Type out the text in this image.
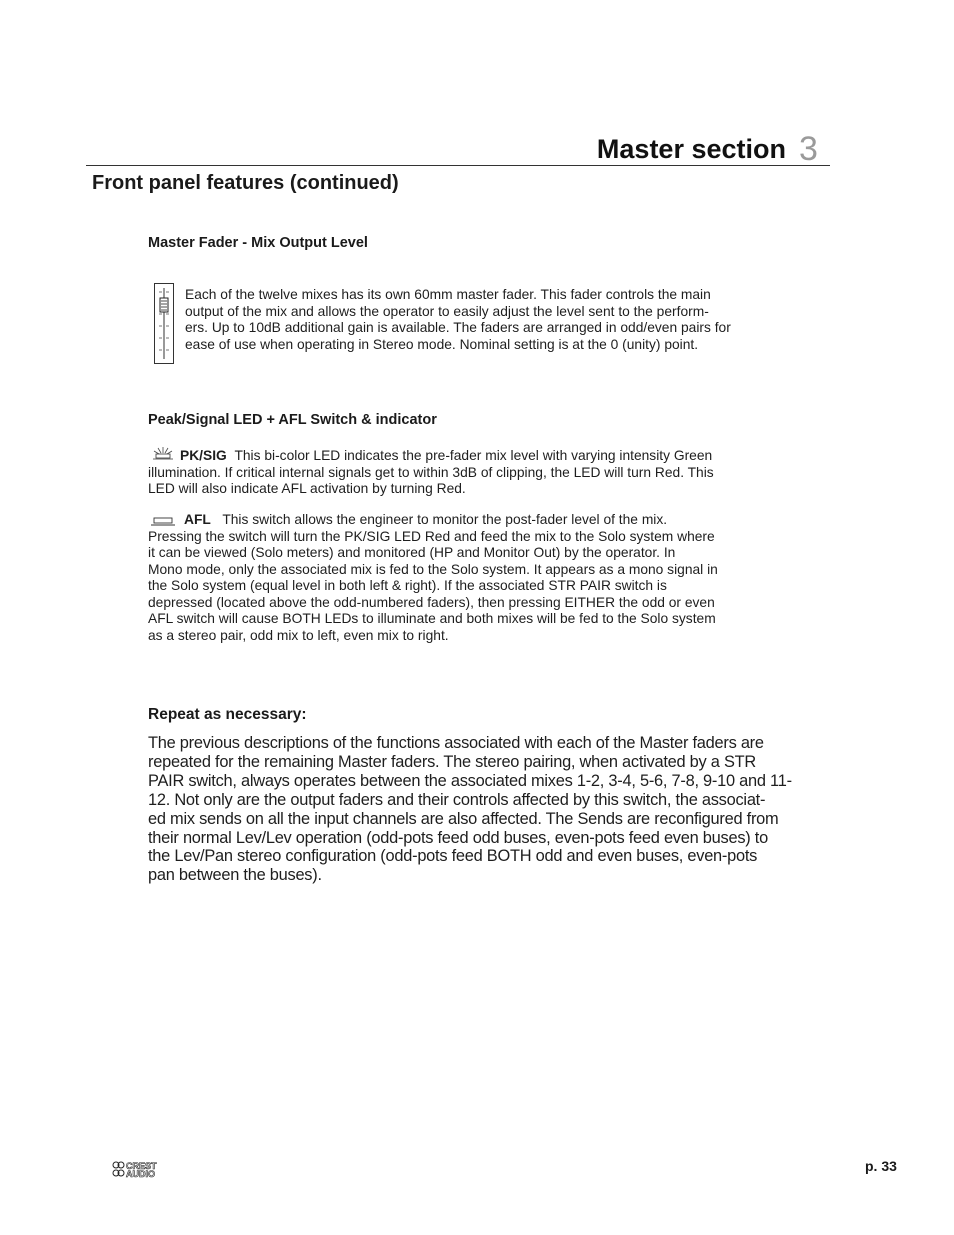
Master section 3
Front panel features (continued)
Master Fader - Mix Output Level
Each of the twelve mixes has its own 60mm master fader. This fader controls the main
output of the mix and allows the operator to easily adjust the level sent to the perform-
ers. Up to 10dB additional gain is available. The faders are arranged in odd/even pairs for
ease of use when operating in Stereo mode. Nominal setting is at the 0 (unity) point.
Peak/Signal LED + AFL Switch & indicator
PK/SIG This bi-color LED indicates the pre-fader mix level with varying intensity Green
illumination. If critical internal signals get to within 3dB of clipping, the LED will turn Red. This
LED will also indicate AFL activation by turning Red.
AFL This switch allows the engineer to monitor the post-fader level of the mix.
Pressing the switch will turn the PK/SIG LED Red and feed the mix to the Solo system where
it can be viewed (Solo meters) and monitored (HP and Monitor Out) by the operator. In
Mono mode, only the associated mix is fed to the Solo system. It appears as a mono signal in
the Solo system (equal level in both left & right). If the associated STR PAIR switch is
depressed (located above the odd-numbered faders), then pressing EITHER the odd or even
AFL switch will cause BOTH LEDs to illuminate and both mixes will be fed to the Solo system
as a stereo pair, odd mix to left, even mix to right.
Repeat as necessary:
The previous descriptions of the functions associated with each of the Master faders are
repeated for the remaining Master faders. The stereo pairing, when activated by a STR
PAIR switch, always operates between the associated mixes 1-2, 3-4, 5-6, 7-8, 9-10 and 11-
12. Not only are the output faders and their controls affected by this switch, the associat-
ed mix sends on all the input channels are also affected. The Sends are reconfigured from
their normal Lev/Lev operation (odd-pots feed odd buses, even-pots feed even buses) to
the Lev/Pan stereo configuration (odd-pots feed BOTH odd and even buses, even-pots
pan between the buses).
CREST
AUDIO	p. 33
